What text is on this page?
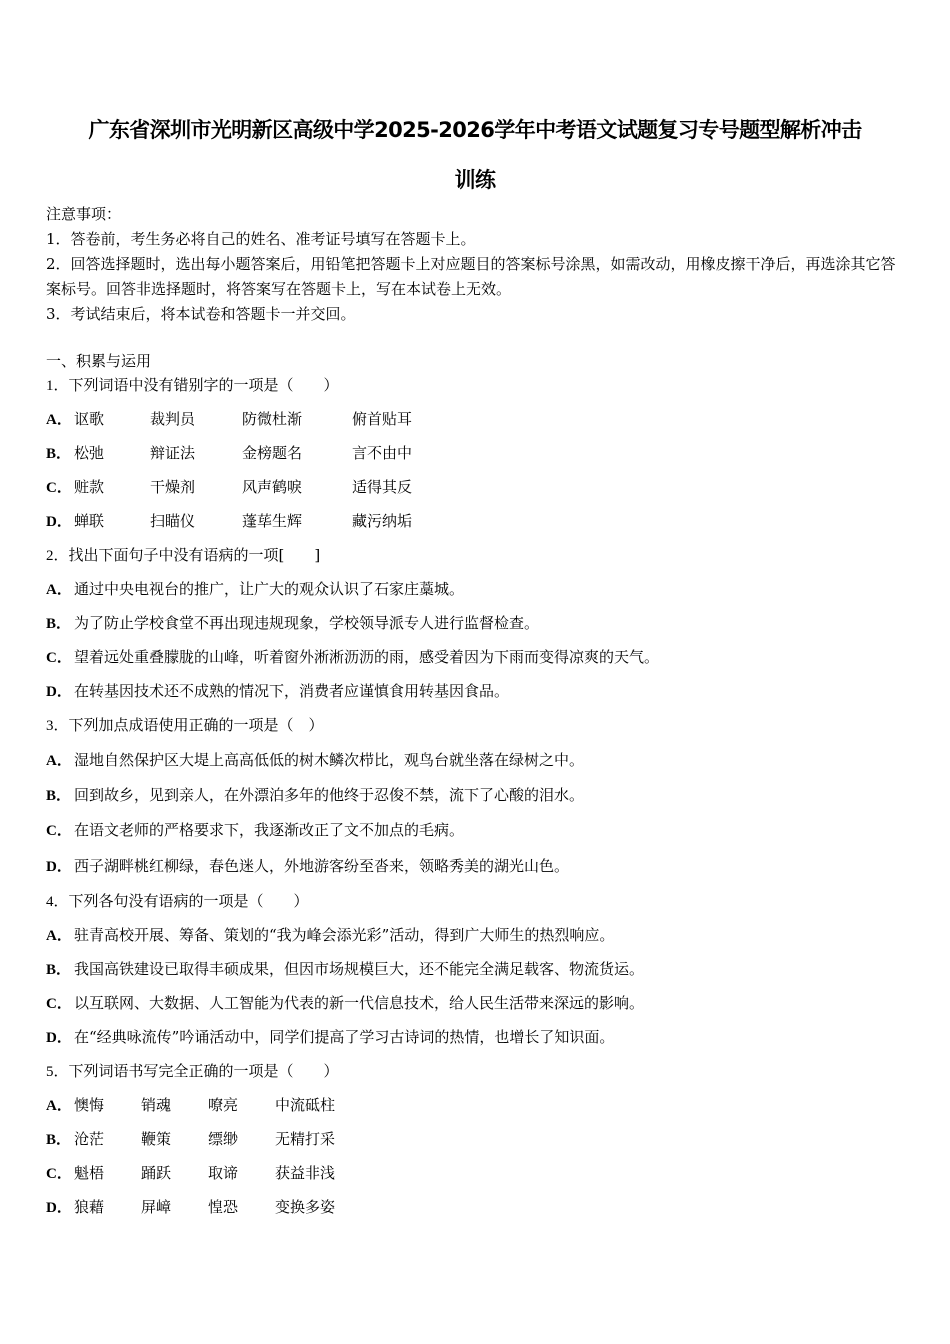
广东省深圳市光明新区高级中学2025-2026学年中考语文试题复习专号题型解析冲击
训练
注意事项：
1．答卷前，考生务必将自己的姓名、准考证号填写在答题卡上。
2．回答选择题时，选出每小题答案后，用铅笔把答题卡上对应题目的答案标号涂黑，如需改动，用橡皮擦干净后，再选涂其它答案标号。回答非选择题时，将答案写在答题卡上，写在本试卷上无效。
3．考试结束后，将本试卷和答题卡一并交回。
一、积累与运用
1．下列词语中没有错别字的一项是（　　）
A． 讴歌	裁判员	防微杜渐	俯首贴耳
B． 松弛	辩证法	金榜题名	言不由中
C． 赃款	干燥剂	风声鹤唳	适得其反
D． 蝉联	扫瞄仪	蓬荜生辉	藏污纳垢
2．找出下面句子中没有语病的一项[　　]
A． 通过中央电视台的推广，让广大的观众认识了石家庄藁城。
B． 为了防止学校食堂不再出现违规现象，学校领导派专人进行监督检查。
C． 望着远处重叠朦胧的山峰，听着窗外淅淅沥沥的雨，感受着因为下雨而变得凉爽的天气。
D． 在转基因技术还不成熟的情况下，消费者应谨慎食用转基因食品。
3．下列加点成语使用正确的一项是（　）
A． 湿地自然保护区大堤上高高低低的树木鳞次栉比，观鸟台就坐落在绿树之中。
B． 回到故乡，见到亲人，在外漂泊多年的他终于忍俊不禁，流下了心酸的泪水。
C． 在语文老师的严格要求下，我逐渐改正了文不加点的毛病。
D． 西子湖畔桃红柳绿，春色迷人，外地游客纷至沓来，领略秀美的湖光山色。
4．下列各句没有语病的一项是（　　）
A． 驻青高校开展、筹备、策划的“我为峰会添光彩”活动，得到广大师生的热烈响应。
B． 我国高铁建设已取得丰硕成果，但因市场规模巨大，还不能完全满足载客、物流货运。
C． 以互联网、大数据、人工智能为代表的新一代信息技术，给人民生活带来深远的影响。
D． 在“经典咏流传”吟诵活动中，同学们提高了学习古诗词的热情，也增长了知识面。
5．下列词语书写完全正确的一项是（　　）
A． 懊悔 销魂 嘹亮 中流砥柱
B． 沧茫 鞭策 缥缈 无精打采
C． 魁梧 踊跃 取谛 获益非浅
D． 狼藉 屏嶂 惶恐 变换多姿
